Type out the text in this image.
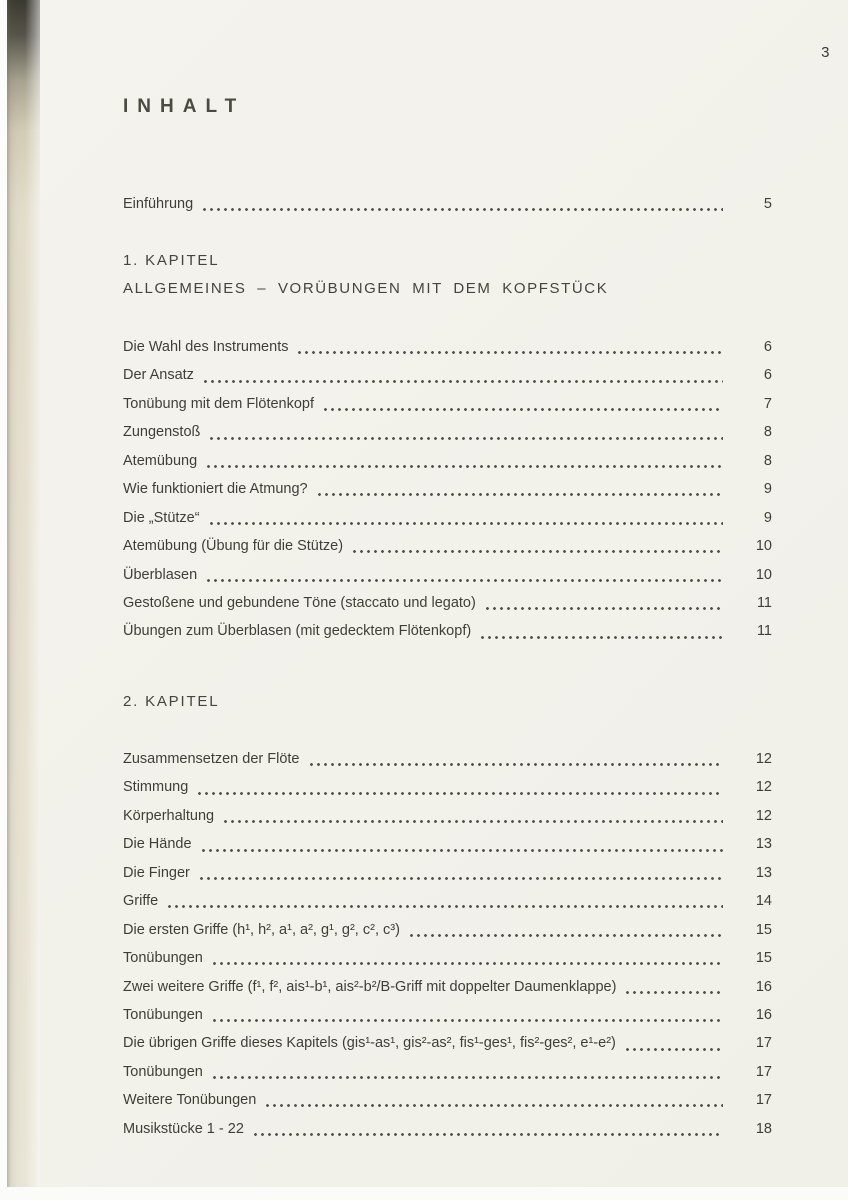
3
INHALT
Einführung	5
1. KAPITEL
ALLGEMEINES – VORÜBUNGEN MIT DEM KOPFSTÜCK
Die Wahl des Instruments	6
Der Ansatz	6
Tonübung mit dem Flötenkopf	7
Zungenstoß	8
Atemübung	8
Wie funktioniert die Atmung?	9
Die „Stütze“	9
Atemübung (Übung für die Stütze)	10
Überblasen	10
Gestoßene und gebundene Töne (staccato und legato)	11
Übungen zum Überblasen (mit gedecktem Flötenkopf)	11
2. KAPITEL
Zusammensetzen der Flöte	12
Stimmung	12
Körperhaltung	12
Die Hände	13
Die Finger	13
Griffe	14
Die ersten Griffe (h¹, h², a¹, a², g¹, g², c², c³)	15
Tonübungen	15
Zwei weitere Griffe (f¹, f², ais¹-b¹, ais²-b²/B-Griff mit doppelter Daumenklappe)	16
Tonübungen	16
Die übrigen Griffe dieses Kapitels (gis¹-as¹, gis²-as², fis¹-ges¹, fis²-ges², e¹-e²)	17
Tonübungen	17
Weitere Tonübungen	17
Musikstücke 1 - 22	18
